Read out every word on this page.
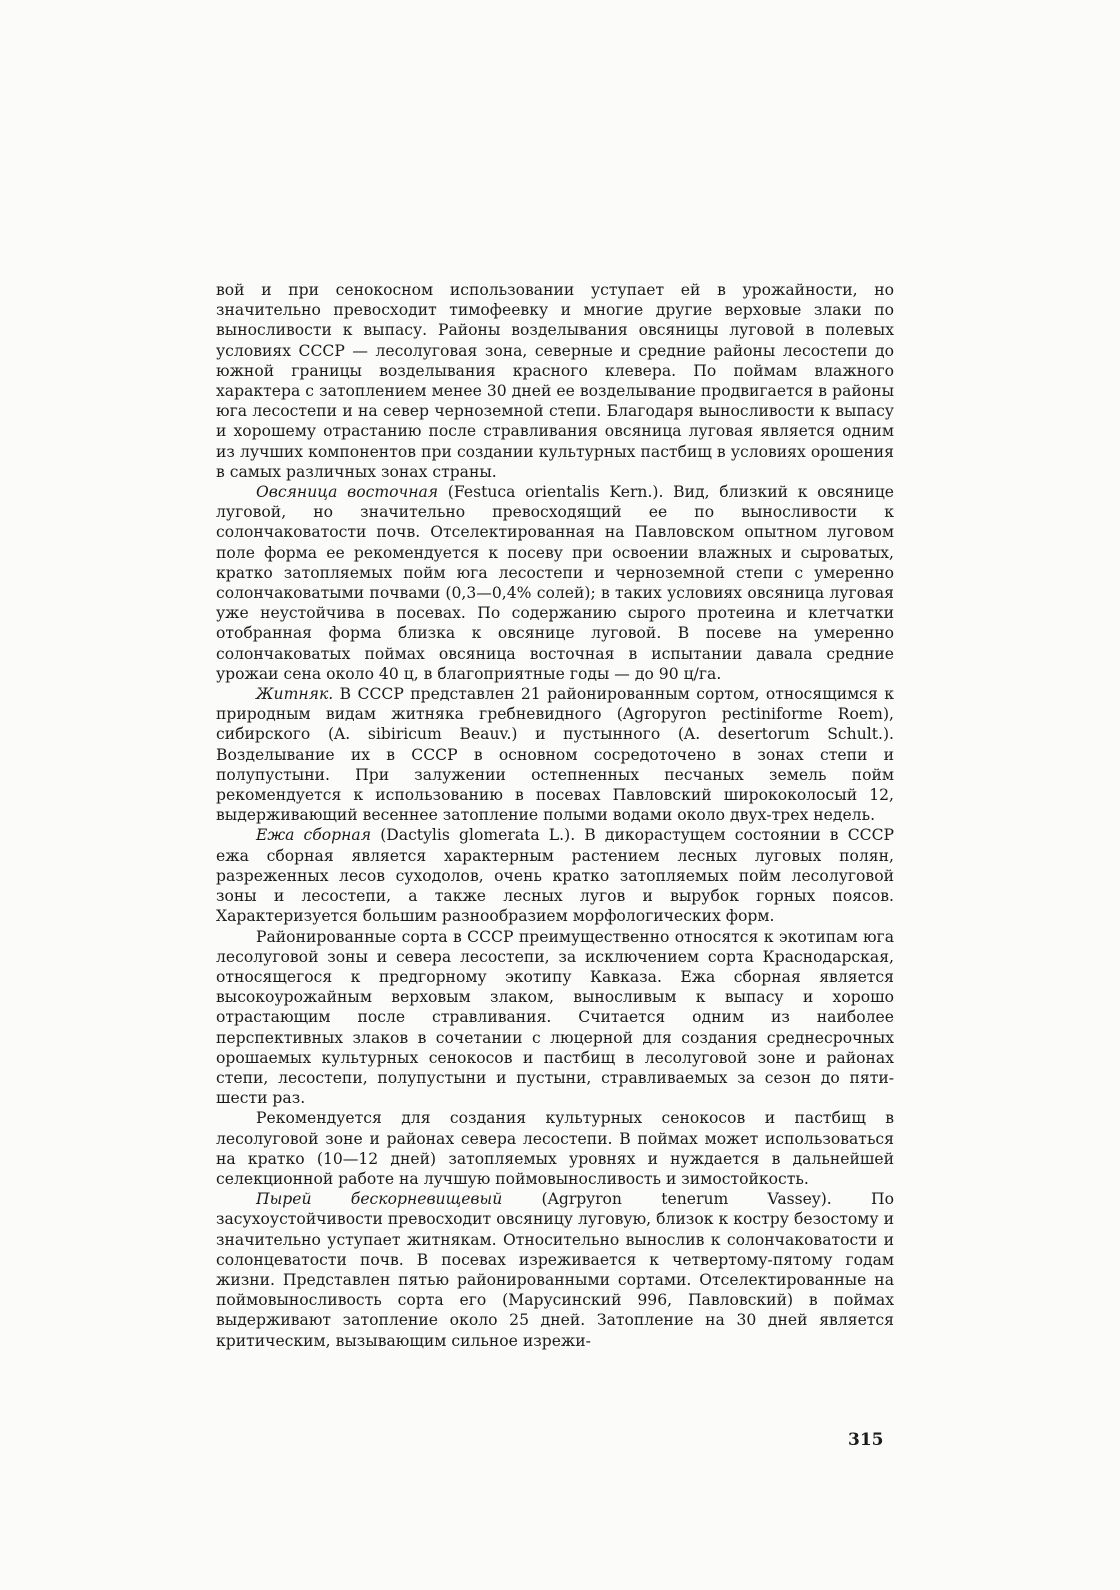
вой и при сенокосном использовании уступает ей в урожайности, но значительно превосходит тимофеевку и многие другие верховые злаки по выносливости к выпасу. Районы возделывания овсяницы луговой в полевых условиях СССР — лесолуговая зона, северные и средние районы лесостепи до южной границы возделывания красного клевера. По поймам влажного характера с затоплением менее 30 дней ее возделывание продвигается в районы юга лесостепи и на север черноземной степи. Благодаря выносливости к выпасу и хорошему отрастанию после стравливания овсяница луговая является одним из лучших компонентов при создании культурных пастбищ в условиях орошения в самых различных зонах страны.

Овсяница восточная (Festuca orientalis Kern.). Вид, близкий к овсянице луговой, но значительно превосходящий ее по выносливости к солончаковатости почв. Отселектированная на Павловском опытном луговом поле форма ее рекомендуется к посеву при освоении влажных и сыроватых, кратко затопляемых пойм юга лесостепи и черноземной степи с умеренно солончаковатыми почвами (0,3—0,4% солей); в таких условиях овсяница луговая уже неустойчива в посевах. По содержанию сырого протеина и клетчатки отобранная форма близка к овсянице луговой. В посеве на умеренно солончаковатых поймах овсяница восточная в испытании давала средние урожаи сена около 40 ц, в благоприятные годы — до 90 ц/га.

Житняк. В СССР представлен 21 районированным сортом, относящимся к природным видам житняка гребневидного (Agropyron pectiniforme Roem), сибирского (A. sibiricum Beauv.) и пустынного (A. desertorum Schult.). Возделывание их в СССР в основном сосредоточено в зонах степи и полупустыни. При залужении остепненных песчаных земель пойм рекомендуется к использованию в посевах Павловский ширококолосый 12, выдерживающий весеннее затопление полыми водами около двух-трех недель.

Ежа сборная (Dactylis glomerata L.). В дикорастущем состоянии в СССР ежа сборная является характерным растением лесных луговых полян, разреженных лесов суходолов, очень кратко затопляемых пойм лесолуговой зоны и лесостепи, а также лесных лугов и вырубок горных поясов. Характеризуется большим разнообразием морфологических форм.

Районированные сорта в СССР преимущественно относятся к экотипам юга лесолуговой зоны и севера лесостепи, за исключением сорта Краснодарская, относящегося к предгорному экотипу Кавказа. Ежа сборная является высокоурожайным верховым злаком, выносливым к выпасу и хорошо отрастающим после стравливания. Считается одним из наиболее перспективных злаков в сочетании с люцерной для создания среднесрочных орошаемых культурных сенокосов и пастбищ в лесолуговой зоне и районах степи, лесостепи, полупустыни и пустыни, стравливаемых за сезон до пяти-шести раз.

Рекомендуется для создания культурных сенокосов и пастбищ в лесолуговой зоне и районах севера лесостепи. В поймах может использоваться на кратко (10—12 дней) затопляемых уровнях и нуждается в дальнейшей селекционной работе на лучшую поймовыносливость и зимостойкость.

Пырей бескорневищевый (Agrpyron tenerum Vassey). По засухоустойчивости превосходит овсяницу луговую, близок к костру безостому и значительно уступает житнякам. Относительно вынослив к солончаковатости и солонцеватости почв. В посевах изреживается к четвертому-пятому годам жизни. Представлен пятью районированными сортами. Отселектированные на поймовыносливость сорта его (Марусинский 996, Павловский) в поймах выдерживают затопление около 25 дней. Затопление на 30 дней является критическим, вызывающим сильное изрежи-

315
